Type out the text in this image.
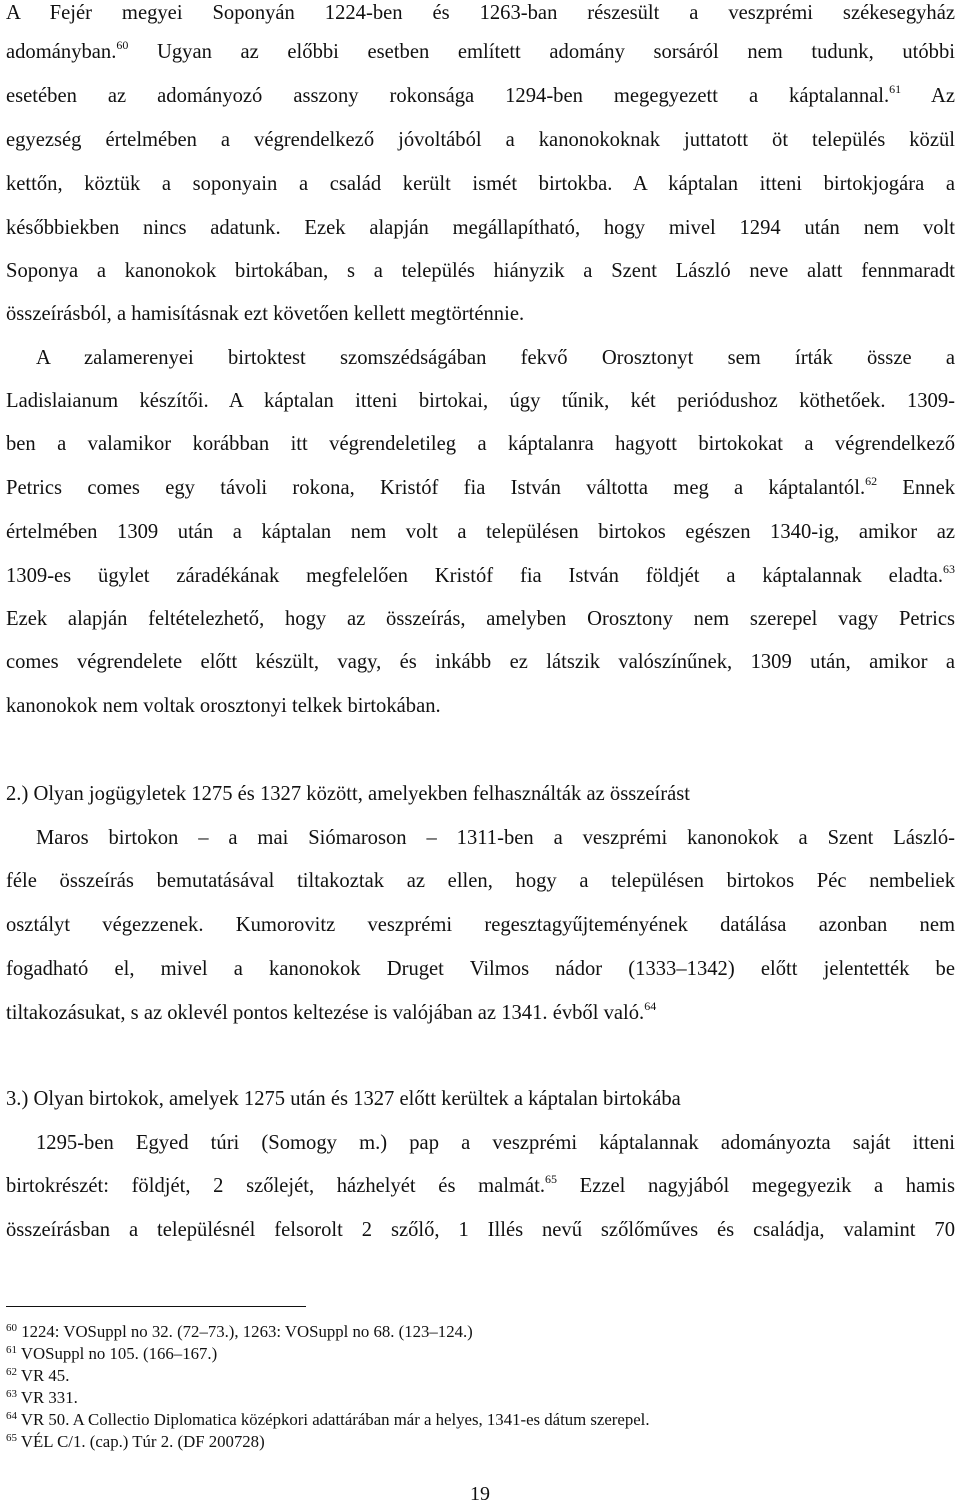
A Fejér megyei Soponyán 1224-ben és 1263-ban részesült a veszprémi székesegyház
adományban.$^{60}$ Ugyan az előbbi esetben említett adomány sorsáról nem tudunk, utóbbi
esetében az adományozó asszony rokonsága 1294-ben megegyezett a káptalannal.$^{61}$ Az
egyezség értelmében a végrendelkező jóvoltából a kanonokoknak juttatott öt település közül
kettőn, köztük a soponyain a család került ismét birtokba. A káptalan itteni birtokjogára a
későbbiekben nincs adatunk. Ezek alapján megállapítható, hogy mivel 1294 után nem volt
Soponya a kanonokok birtokában, s a település hiányzik a Szent László neve alatt fennmaradt
összeírásból, a hamisításnak ezt követően kellett megtörténnie.
A zalamerenyei birtoktest szomszédságában fekvő Orosztonyt sem írták össze a
Ladislaianum készítői. A káptalan itteni birtokai, úgy tűnik, két periódushoz köthetőek. 1309-
ben a valamikor korábban itt végrendeletileg a káptalanra hagyott birtokokat a végrendelkező
Petrics comes egy távoli rokona, Kristóf fia István váltotta meg a káptalantól.$^{62}$ Ennek
értelmében 1309 után a káptalan nem volt a településen birtokos egészen 1340-ig, amikor az
1309-es ügylet záradékának megfelelően Kristóf fia István földjét a káptalannak eladta.$^{63}$
Ezek alapján feltételezhető, hogy az összeírás, amelyben Orosztony nem szerepel vagy Petrics
comes végrendelete előtt készült, vagy, és inkább ez látszik valószínűnek, 1309 után, amikor a
kanonokok nem voltak orosztonyi telkek birtokában.
2.) Olyan jogügyletek 1275 és 1327 között, amelyekben felhasználták az összeírást
Maros birtokon – a mai Siómaroson – 1311-ben a veszprémi kanonokok a Szent László-
féle összeírás bemutatásával tiltakoztak az ellen, hogy a településen birtokos Péc nembeliek
osztályt végezzenek. Kumorovitz veszprémi regesztagyűjteményének datálása azonban nem
fogadható el, mivel a kanonokok Druget Vilmos nádor (1333–1342) előtt jelentették be
tiltakozásukat, s az oklevél pontos keltezése is valójában az 1341. évből való.$^{64}$
3.) Olyan birtokok, amelyek 1275 után és 1327 előtt kerültek a káptalan birtokába
1295-ben Egyed túri (Somogy m.) pap a veszprémi káptalannak adományozta saját itteni
birtokrészét: földjét, 2 szőlejét, házhelyét és malmát.$^{65}$ Ezzel nagyjából megegyezik a hamis
összeírásban a településnél felsorolt 2 szőlő, 1 Illés nevű szőlőműves és családja, valamint 70
$^{60}$ 1224: VOSuppl no 32. (72–73.), 1263: VOSuppl no 68. (123–124.)
$^{61}$ VOSuppl no 105. (166–167.)
$^{62}$ VR 45.
$^{63}$ VR 331.
$^{64}$ VR 50. A Collectio Diplomatica középkori adattárában már a helyes, 1341-es dátum szerepel.
$^{65}$ VÉL C/1. (cap.) Túr 2. (DF 200728)
19
